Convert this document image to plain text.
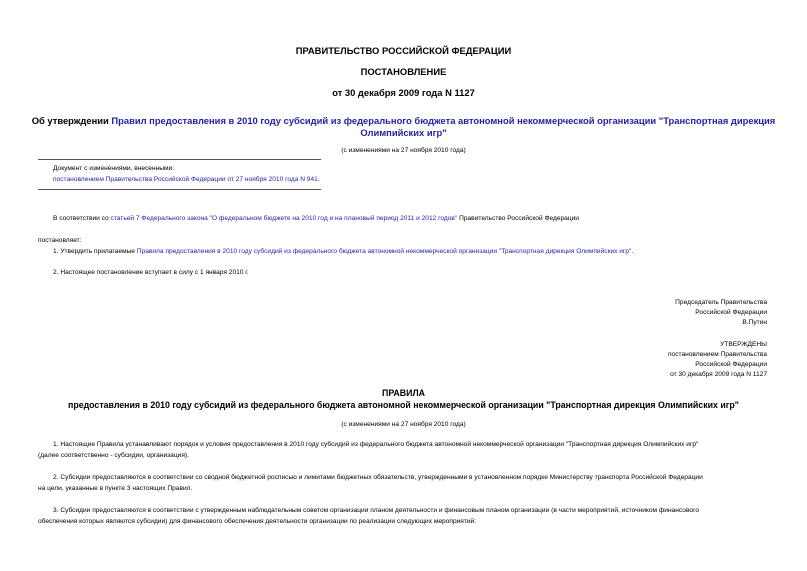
ПРАВИТЕЛЬСТВО РОССИЙСКОЙ ФЕДЕРАЦИИ
ПОСТАНОВЛЕНИЕ
от 30 декабря 2009 года N 1127
Об утверждении Правил предоставления в 2010 году субсидий из федерального бюджета автономной некоммерческой организации "Транспортная дирекция
Олимпийских игр"
(с изменениями на 27 ноября 2010 года)
Документ с изменениями, внесенными:
постановлением Правительства Российской Федерации от 27 ноября 2010 года N 941.
В соответствии со статьей 7 Федерального закона "О федеральном бюджете на 2010 год и на плановый период 2011 и 2012 годов" Правительство Российской Федерации
постановляет:
1. Утвердить прилагаемые Правила предоставления в 2010 году субсидий из федерального бюджета автономной некоммерческой организации "Транспортная дирекция Олимпийских игр".
2. Настоящее постановление вступает в силу с 1 января 2010 г.
Председатель Правительства
Российской Федерации
В.Путин
УТВЕРЖДЕНЫ
постановлением Правительства
Российской Федерации
от 30 декабря 2009 года N 1127
ПРАВИЛА
предоставления в 2010 году субсидий из федерального бюджета автономной некоммерческой организации "Транспортная дирекция Олимпийских игр"
(с изменениями на 27 ноября 2010 года)
1. Настоящие Правила устанавливают порядок и условия предоставления в 2010 году субсидий из федерального бюджета автономной некоммерческой организации "Транспортная дирекция Олимпийских игр"
(далее соответственно - субсидии, организация).
2. Субсидии предоставляются в соответствии со сводной бюджетной росписью и лимитами бюджетных обязательств, утвержденными в установленном порядке Министерству транспорта Российской Федерации
на цели, указанные в пункте 3 настоящих Правил.
3. Субсидии предоставляются в соответствии с утвержденным наблюдательным советом организации планом деятельности и финансовым планом организации (в части мероприятий, источником финансового
обеспечения которых являются субсидии) для финансового обеспечения деятельности организации по реализации следующих мероприятий:
